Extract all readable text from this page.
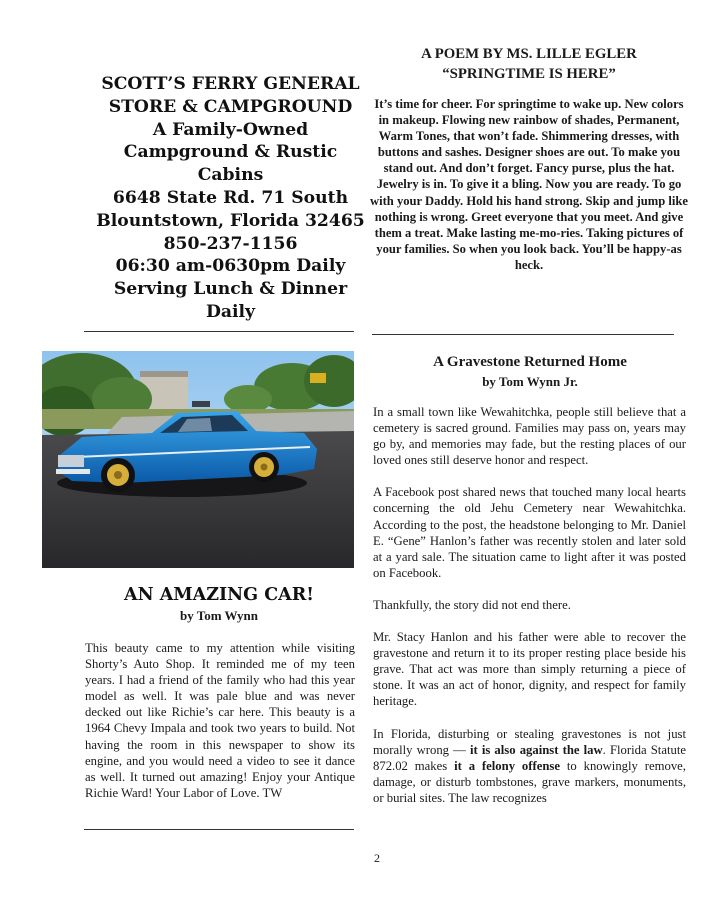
SCOTT’S FERRY GENERAL
STORE & CAMPGROUND
A Family-Owned
Campground & Rustic
Cabins
6648 State Rd. 71 South
Blountstown, Florida 32465
850-237-1156
06:30 am-0630pm Daily
Serving Lunch & Dinner
Daily
AN AMAZING CAR!
by Tom Wynn
This beauty came to my attention while visiting Shorty’s Auto Shop. It reminded me of my teen years. I had a friend of the family who had this year model as well. It was pale blue and was never decked out like Richie’s car here. This beauty is a 1964 Chevy Impala and took two years to build. Not having the room in this newspaper to show its engine, and you would need a video to see it dance as well. It turned out amazing! Enjoy your Antique Richie Ward! Your Labor of Love. TW
A POEM BY MS. LILLE EGLER
“SPRINGTIME IS HERE”
It’s time for cheer. For springtime to wake up. New colors in makeup. Flowing new rainbow of shades, Permanent, Warm Tones, that won’t fade. Shimmering dresses, with buttons and sashes. Designer shoes are out. To make you stand out. And don’t forget. Fancy purse, plus the hat. Jewelry is in. To give it a bling. Now you are ready. To go with your Daddy. Hold his hand strong. Skip and jump like nothing is wrong. Greet everyone that you meet. And give them a treat. Make lasting me-mo-ries. Taking pictures of your families. So when you look back. You’ll be happy-as heck.
A Gravestone Returned Home
by Tom Wynn Jr.

In a small town like Wewahitchka, people still believe that a cemetery is sacred ground. Families may pass on, years may go by, and memories may fade, but the resting places of our loved ones still deserve honor and respect.

A Facebook post shared news that touched many local hearts concerning the old Jehu Cemetery near Wewahitchka. According to the post, the headstone belonging to Mr. Daniel E. “Gene” Hanlon’s father was recently stolen and later sold at a yard sale. The situation came to light after it was posted on Facebook.

Thankfully, the story did not end there.

Mr. Stacy Hanlon and his father were able to recover the gravestone and return it to its proper resting place beside his grave. That act was more than simply returning a piece of stone. It was an act of honor, dignity, and respect for family heritage.

In Florida, disturbing or stealing gravestones is not just morally wrong — it is also against the law. Florida Statute 872.02 makes it a felony offense to knowingly remove, damage, or disturb tombstones, grave markers, monuments, or burial sites. The law recognizes

2
